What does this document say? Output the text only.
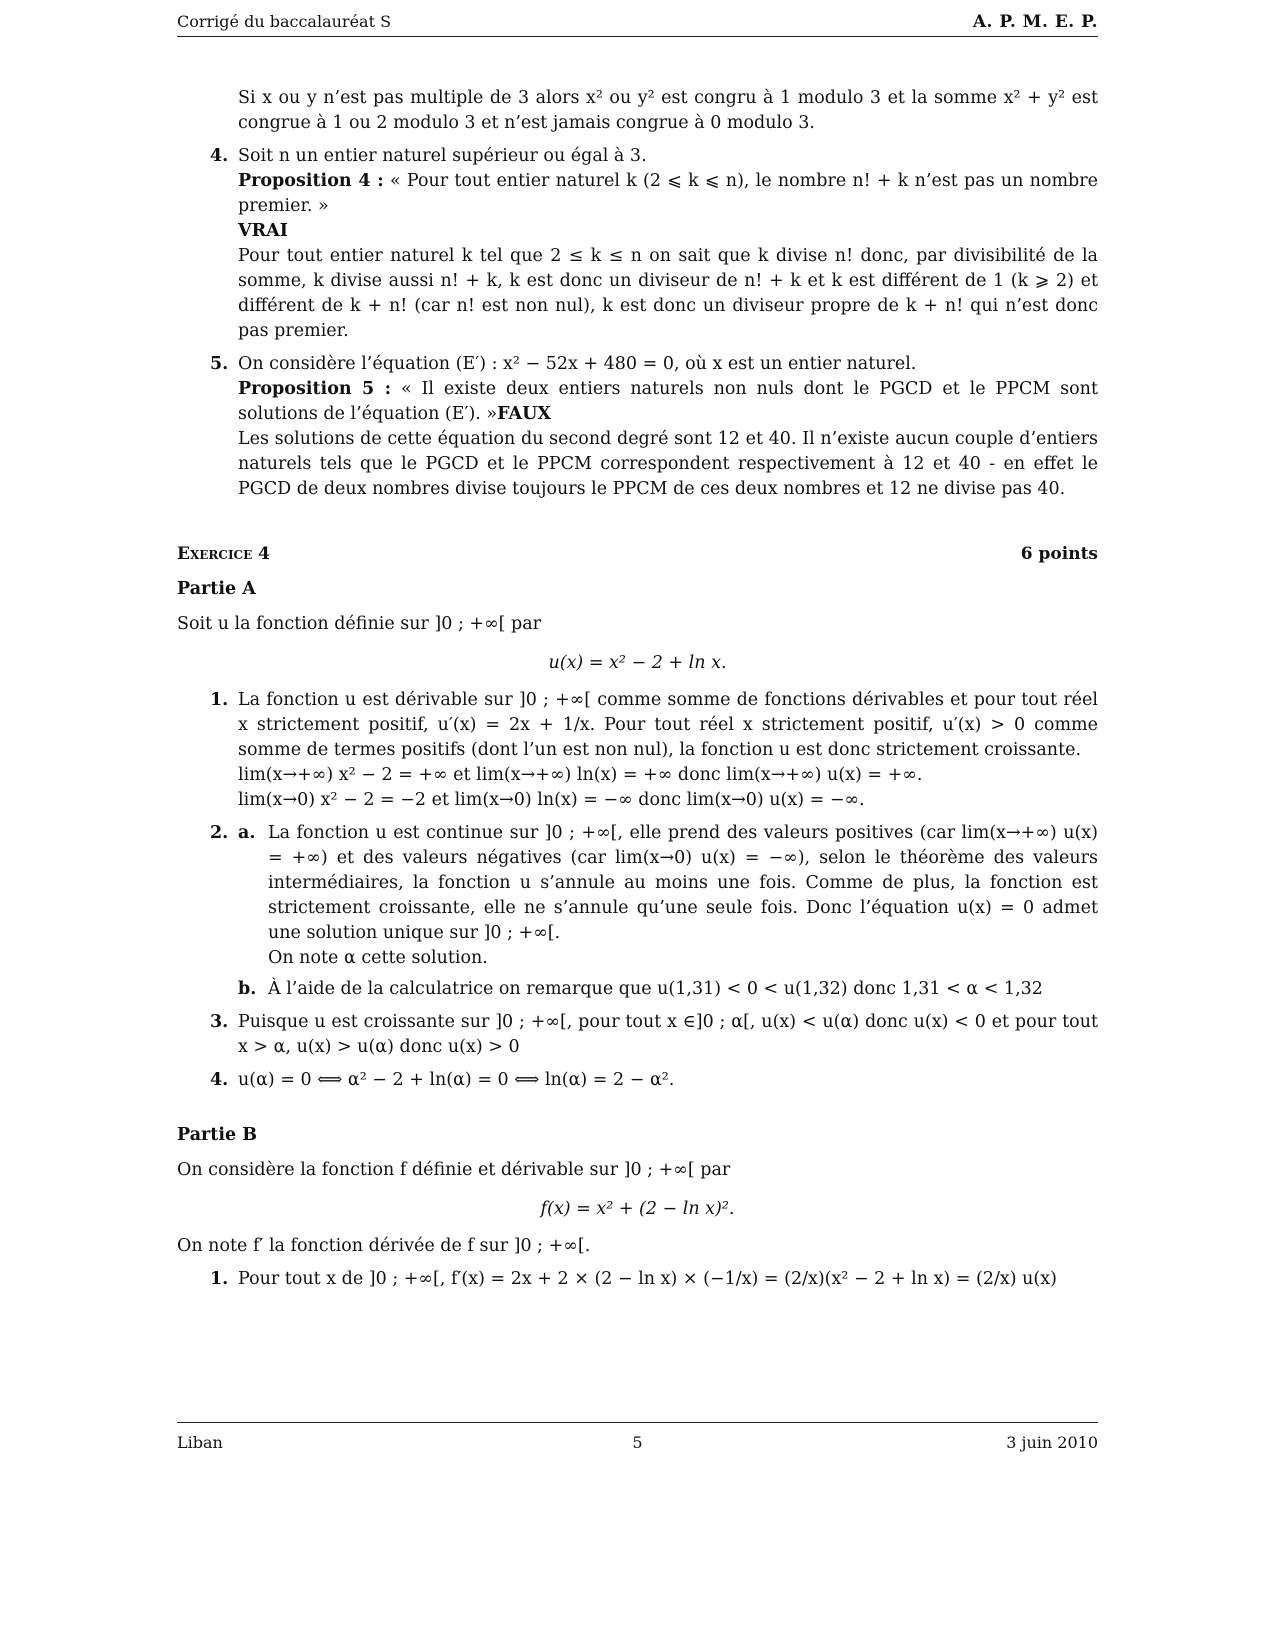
Corrigé du baccalauréat S	A. P. M. E. P.

Si x ou y n’est pas multiple de 3 alors x² ou y² est congru à 1 modulo 3 et la somme x² + y² est congrue à 1 ou 2 modulo 3 et n’est jamais congrue à 0 modulo 3.

4. Soit n un entier naturel supérieur ou égal à 3.

Proposition 4 : « Pour tout entier naturel k (2 ⩽ k ⩽ n), le nombre n! + k n’est pas un nombre premier. »

VRAI

Pour tout entier naturel k tel que 2 ≤ k ≤ n on sait que k divise n! donc, par divisibilité de la somme, k divise aussi n! + k, k est donc un diviseur de n! + k et k est différent de 1 (k ⩾ 2) et différent de k + n! (car n! est non nul), k est donc un diviseur propre de k + n! qui n’est donc pas premier.

5. On considère l’équation (E′) : x² − 52x + 480 = 0, où x est un entier naturel.

Proposition 5 : « Il existe deux entiers naturels non nuls dont le PGCD et le PPCM sont solutions de l’équation (E′). »FAUX

Les solutions de cette équation du second degré sont 12 et 40. Il n’existe aucun couple d’entiers naturels tels que le PGCD et le PPCM correspondent respectivement à 12 et 40 - en effet le PGCD de deux nombres divise toujours le PPCM de ces deux nombres et 12 ne divise pas 40.

Exercice 4	6 points
Partie A

Soit u la fonction définie sur ]0 ; +∞[ par

u(x) = x² − 2 + ln x.

1. La fonction u est dérivable sur ]0 ; +∞[ comme somme de fonctions dérivables et pour tout réel x strictement positif, u′(x) = 2x + 1/x. Pour tout réel x strictement positif, u′(x) > 0 comme somme de termes positifs (dont l’un est non nul), la fonction u est donc strictement croissante.

lim(x→+∞) x² − 2 = +∞ et lim(x→+∞) ln(x) = +∞ donc lim(x→+∞) u(x) = +∞.

lim(x→0) x² − 2 = −2 et lim(x→0) ln(x) = −∞ donc lim(x→0) u(x) = −∞.

2. a. La fonction u est continue sur ]0 ; +∞[, elle prend des valeurs positives (car lim(x→+∞) u(x) = +∞) et des valeurs négatives (car lim(x→0) u(x) = −∞), selon le théorème des valeurs intermédiaires, la fonction u s’annule au moins une fois. Comme de plus, la fonction est strictement croissante, elle ne s’annule qu’une seule fois. Donc l’équation u(x) = 0 admet une solution unique sur ]0 ; +∞[.

On note α cette solution.

b. À l’aide de la calculatrice on remarque que u(1,31) < 0 < u(1,32) donc 1,31 < α < 1,32

3. Puisque u est croissante sur ]0 ; +∞[, pour tout x ∈]0 ; α[, u(x) < u(α) donc u(x) < 0 et pour tout x > α, u(x) > u(α) donc u(x) > 0

4. u(α) = 0 ⟺ α² − 2 + ln(α) = 0 ⟺ ln(α) = 2 − α².

Partie B

On considère la fonction f définie et dérivable sur ]0 ; +∞[ par

f(x) = x² + (2 − ln x)².

On note f′ la fonction dérivée de f sur ]0 ; +∞[.

1. Pour tout x de ]0 ; +∞[, f′(x) = 2x + 2 × (2 − ln x) × (−1/x) = (2/x)(x² − 2 + ln x) = (2/x) u(x)

Liban	5	3 juin 2010
